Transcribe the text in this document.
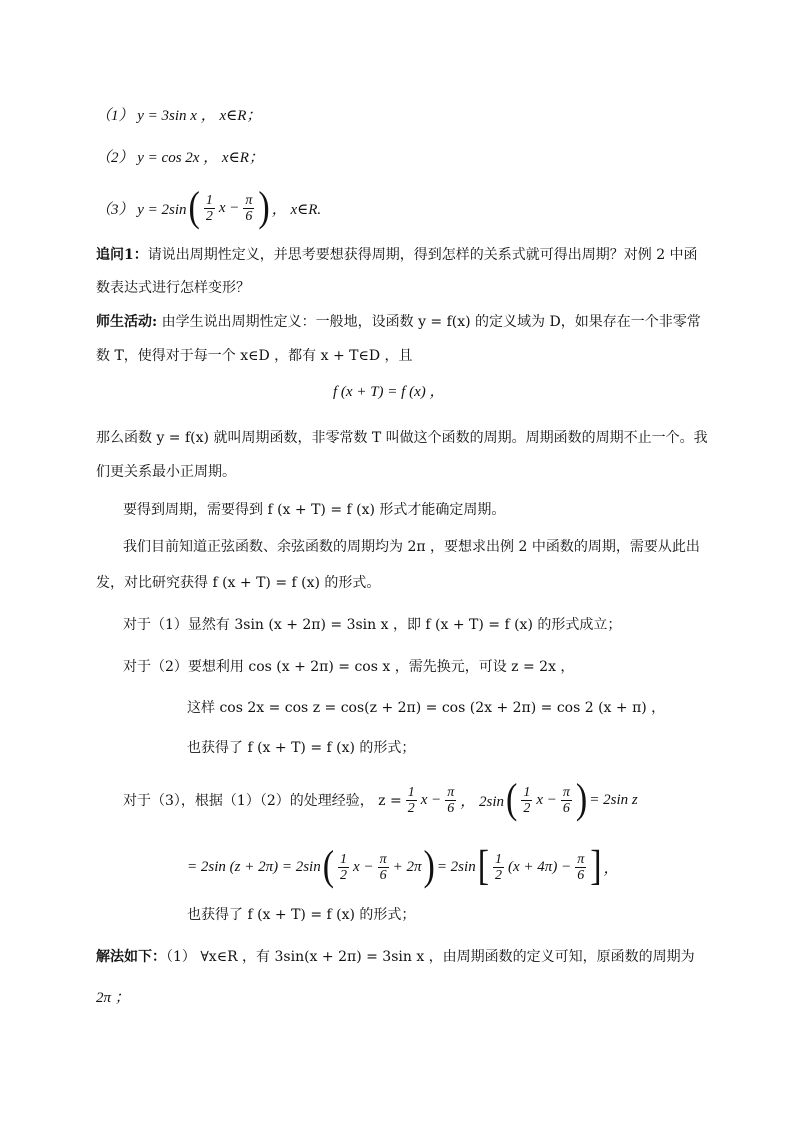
（1） y = 3sin x ， x∈R；
（2） y = cos 2x ， x∈R；
（3） y = 2sin ( $\frac{1}{2}$ $x - \frac{\pi}{6}$ ) ， x∈R.
追问1：请说出周期性定义，并思考要想获得周期，得到怎样的关系式就可得出周期？对例 2 中函
数表达式进行怎样变形？
师生活动: 由学生说出周期性定义：一般地，设函数 y = f(x) 的定义域为 D，如果存在一个非零常
数 T，使得对于每一个 x∈D ，都有 x + T∈D ，且
f (x + T) = f (x) ，
那么函数 y = f(x) 就叫周期函数，非零常数 T 叫做这个函数的周期。周期函数的周期不止一个。我
们更关系最小正周期。
要得到周期，需要得到 f (x + T) = f (x) 形式才能确定周期。
我们目前知道正弦函数、余弦函数的周期均为 2π ，要想求出例 2 中函数的周期，需要从此出
发，对比研究获得 f (x + T) = f (x) 的形式。
对于（1）显然有 3sin (x + 2π) = 3sin x ，即 f (x + T) = f (x) 的形式成立；
对于（2）要想利用 cos (x + 2π) = cos x ，需先换元，可设 z = 2x ，
这样 cos 2x = cos z = cos(z + 2π) = cos (2x + 2π) = cos 2 (x + π) ，
也获得了 f (x + T) = f (x) 的形式；
对于（3），根据（1）（2）的处理经验， $z = \frac{1}{2}$ $x - \frac{\pi}{6}$ ， 2sin ( $\frac{1}{2}$ $x - \frac{\pi}{6}$ ) = 2sin z
= 2sin (z + 2π) = 2sin ( $\frac{1}{2}$ $x - \frac{\pi}{6} + 2\pi$ ) = 2sin [ $\frac{1}{2} (x + 4\pi) - \frac{\pi}{6}$ ] ，
也获得了 f (x + T) = f (x) 的形式；
解法如下：（1） ∀x∈R ，有 3sin(x + 2π) = 3sin x ，由周期函数的定义可知，原函数的周期为
2π ；
